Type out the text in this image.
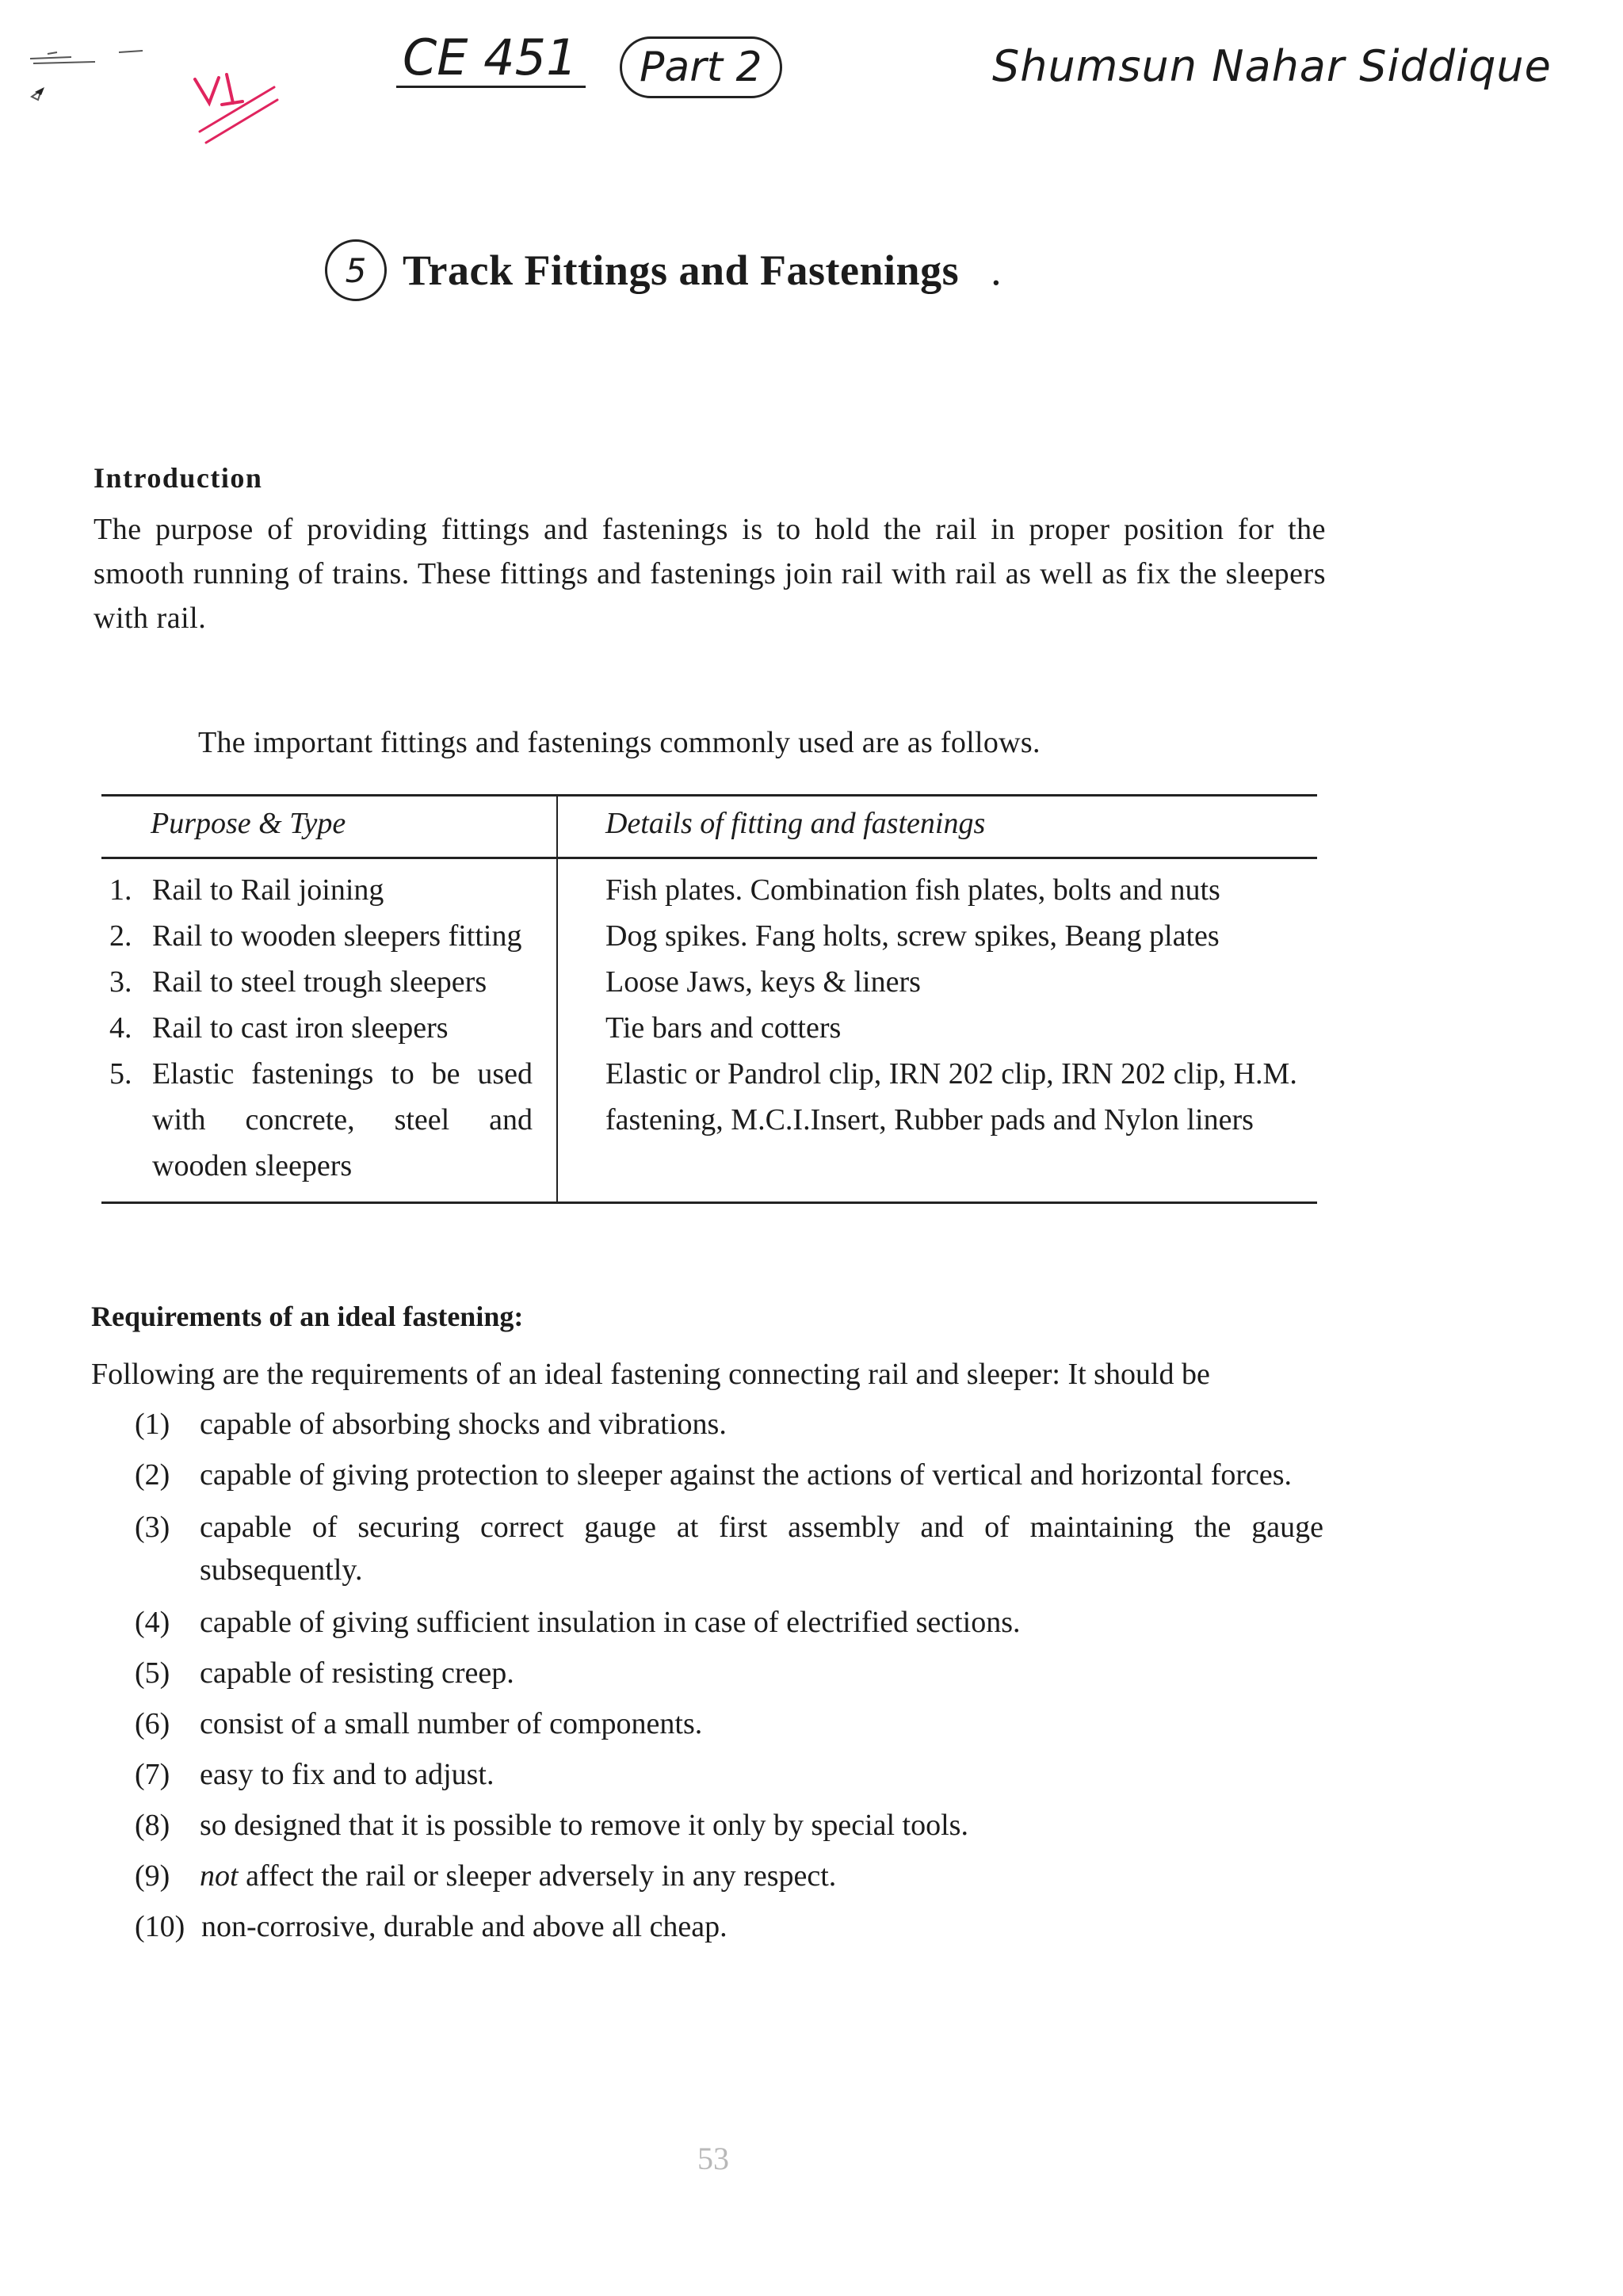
CE 451	Part 2	Shumsun Nahar Siddique
5 Track Fittings and Fastenings .
Introduction

The purpose of providing fittings and fastenings is to hold the rail in proper position for the smooth running of trains. These fittings and fastenings join rail with rail as well as fix the sleepers with rail.

The important fittings and fastenings commonly used are as follows.

Purpose & Type	Details of fitting and fastenings
1. Rail to Rail joining	Fish plates. Combination fish plates, bolts and nuts
2. Rail to wooden sleepers fitting	Dog spikes. Fang holts, screw spikes, Beang plates
3. Rail to steel trough sleepers	Loose Jaws, keys & liners
4. Rail to cast iron sleepers	Tie bars and cotters
5. Elastic fastenings to be used with concrete, steel and wooden sleepers	Elastic or Pandrol clip, IRN 202 clip, IRN 202 clip, H.M. fastening, M.C.I.Insert, Rubber pads and Nylon liners
Requirements of an ideal fastening:

Following are the requirements of an ideal fastening connecting rail and sleeper: It should be

(1) capable of absorbing shocks and vibrations.
(2) capable of giving protection to sleeper against the actions of vertical and horizontal forces.
(3) capable of securing correct gauge at first assembly and of maintaining the gauge subsequently.
(4) capable of giving sufficient insulation in case of electrified sections.
(5) capable of resisting creep.
(6) consist of a small number of components.
(7) easy to fix and to adjust.
(8) so designed that it is possible to remove it only by special tools.
(9) not affect the rail or sleeper adversely in any respect.
(10) non-corrosive, durable and above all cheap.

53
